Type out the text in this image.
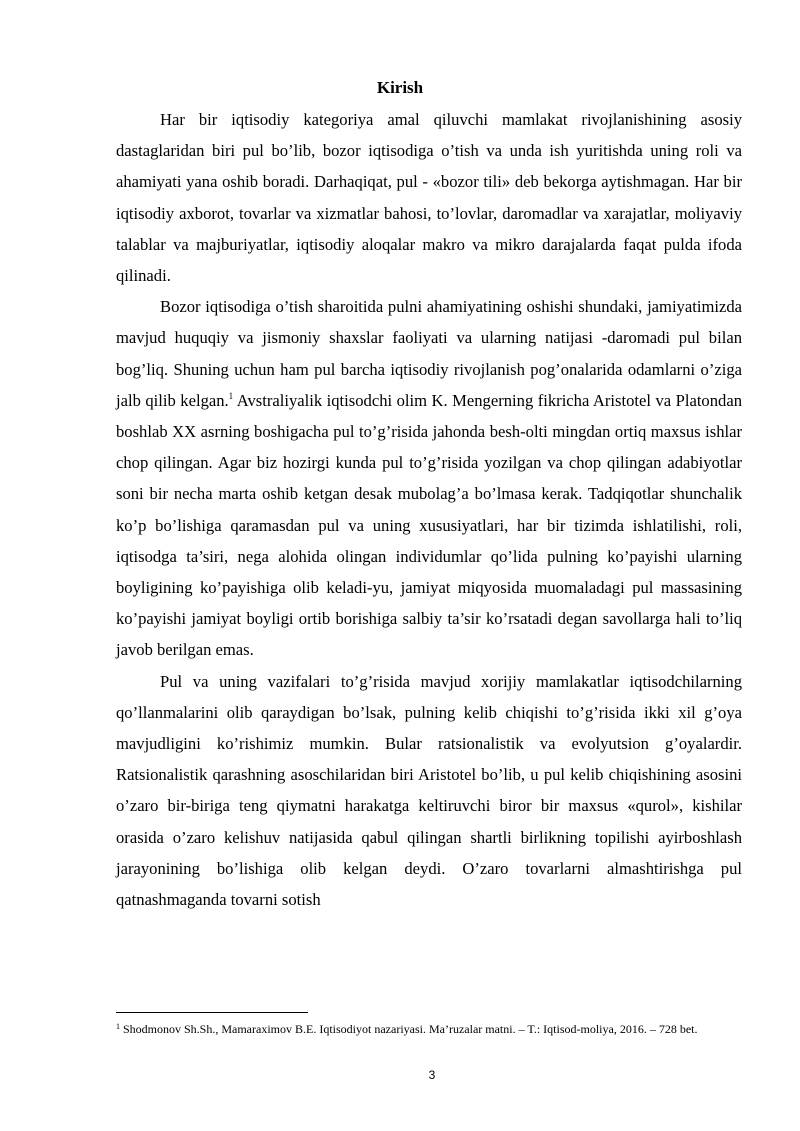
Kirish

Har bir iqtisodiy kategoriya amal qiluvchi mamlakat rivojlanishining asosiy dastaglaridan biri pul bo’lib, bozor iqtisodiga o’tish va unda ish yuritishda uning roli va ahamiyati yana oshib boradi. Darhaqiqat, pul - «bozor tili» deb bekorga aytishmagan. Har bir iqtisodiy axborot, tovarlar va xizmatlar bahosi, to’lovlar, daromadlar va xarajatlar, moliyaviy talablar va majburiyatlar, iqtisodiy aloqalar makro va mikro darajalarda faqat pulda ifoda qilinadi.

Bozor iqtisodiga o’tish sharoitida pulni ahamiyatining oshishi shundaki, jamiyatimizda mavjud huquqiy va jismoniy shaxslar faoliyati va ularning natijasi -daromadi pul bilan bog’liq. Shuning uchun ham pul barcha iqtisodiy rivojlanish pog’onalarida odamlarni o’ziga jalb qilib kelgan.$^1$ Avstraliyalik iqtisodchi olim K. Mengerning fikricha Aristotel va Platondan boshlab XX asrning boshigacha pul to’g’risida jahonda besh-olti mingdan ortiq maxsus ishlar chop qilingan. Agar biz hozirgi kunda pul to’g’risida yozilgan va chop qilingan adabiyotlar soni bir necha marta oshib ketgan desak mubolag’a bo’lmasa kerak. Tadqiqotlar shunchalik ko’p bo’lishiga qaramasdan pul va uning xususiyatlari, har bir tizimda ishlatilishi, roli, iqtisodga ta’siri, nega alohida olingan individumlar qo’lida pulning ko’payishi ularning boyligining ko’payishiga olib keladi-yu, jamiyat miqyosida muomaladagi pul massasining ko’payishi jamiyat boyligi ortib borishiga salbiy ta’sir ko’rsatadi degan savollarga hali to’liq javob berilgan emas.

Pul va uning vazifalari to’g’risida mavjud xorijiy mamlakatlar iqtisodchilarning qo’llanmalarini olib qaraydigan bo’lsak, pulning kelib chiqishi to’g’risida ikki xil g’oya mavjudligini ko’rishimiz mumkin. Bular ratsionalistik va evolyutsion g’oyalardir. Ratsionalistik qarashning asoschilaridan biri Aristotel bo’lib, u pul kelib chiqishining asosini o’zaro bir-biriga teng qiymatni harakatga keltiruvchi biror bir maxsus «qurol», kishilar orasida o’zaro kelishuv natijasida qabul qilingan shartli birlikning topilishi ayirboshlash jarayonining bo’lishiga olib kelgan deydi. O’zaro tovarlarni almashtirishga pul qatnashmaganda tovarni sotish

$^1$ Shodmonov Sh.Sh., Mamaraximov B.E. Iqtisodiyot nazariyasi. Ma’ruzalar matni. – T.: Iqtisod-moliya, 2016. – 728 bet.
3
